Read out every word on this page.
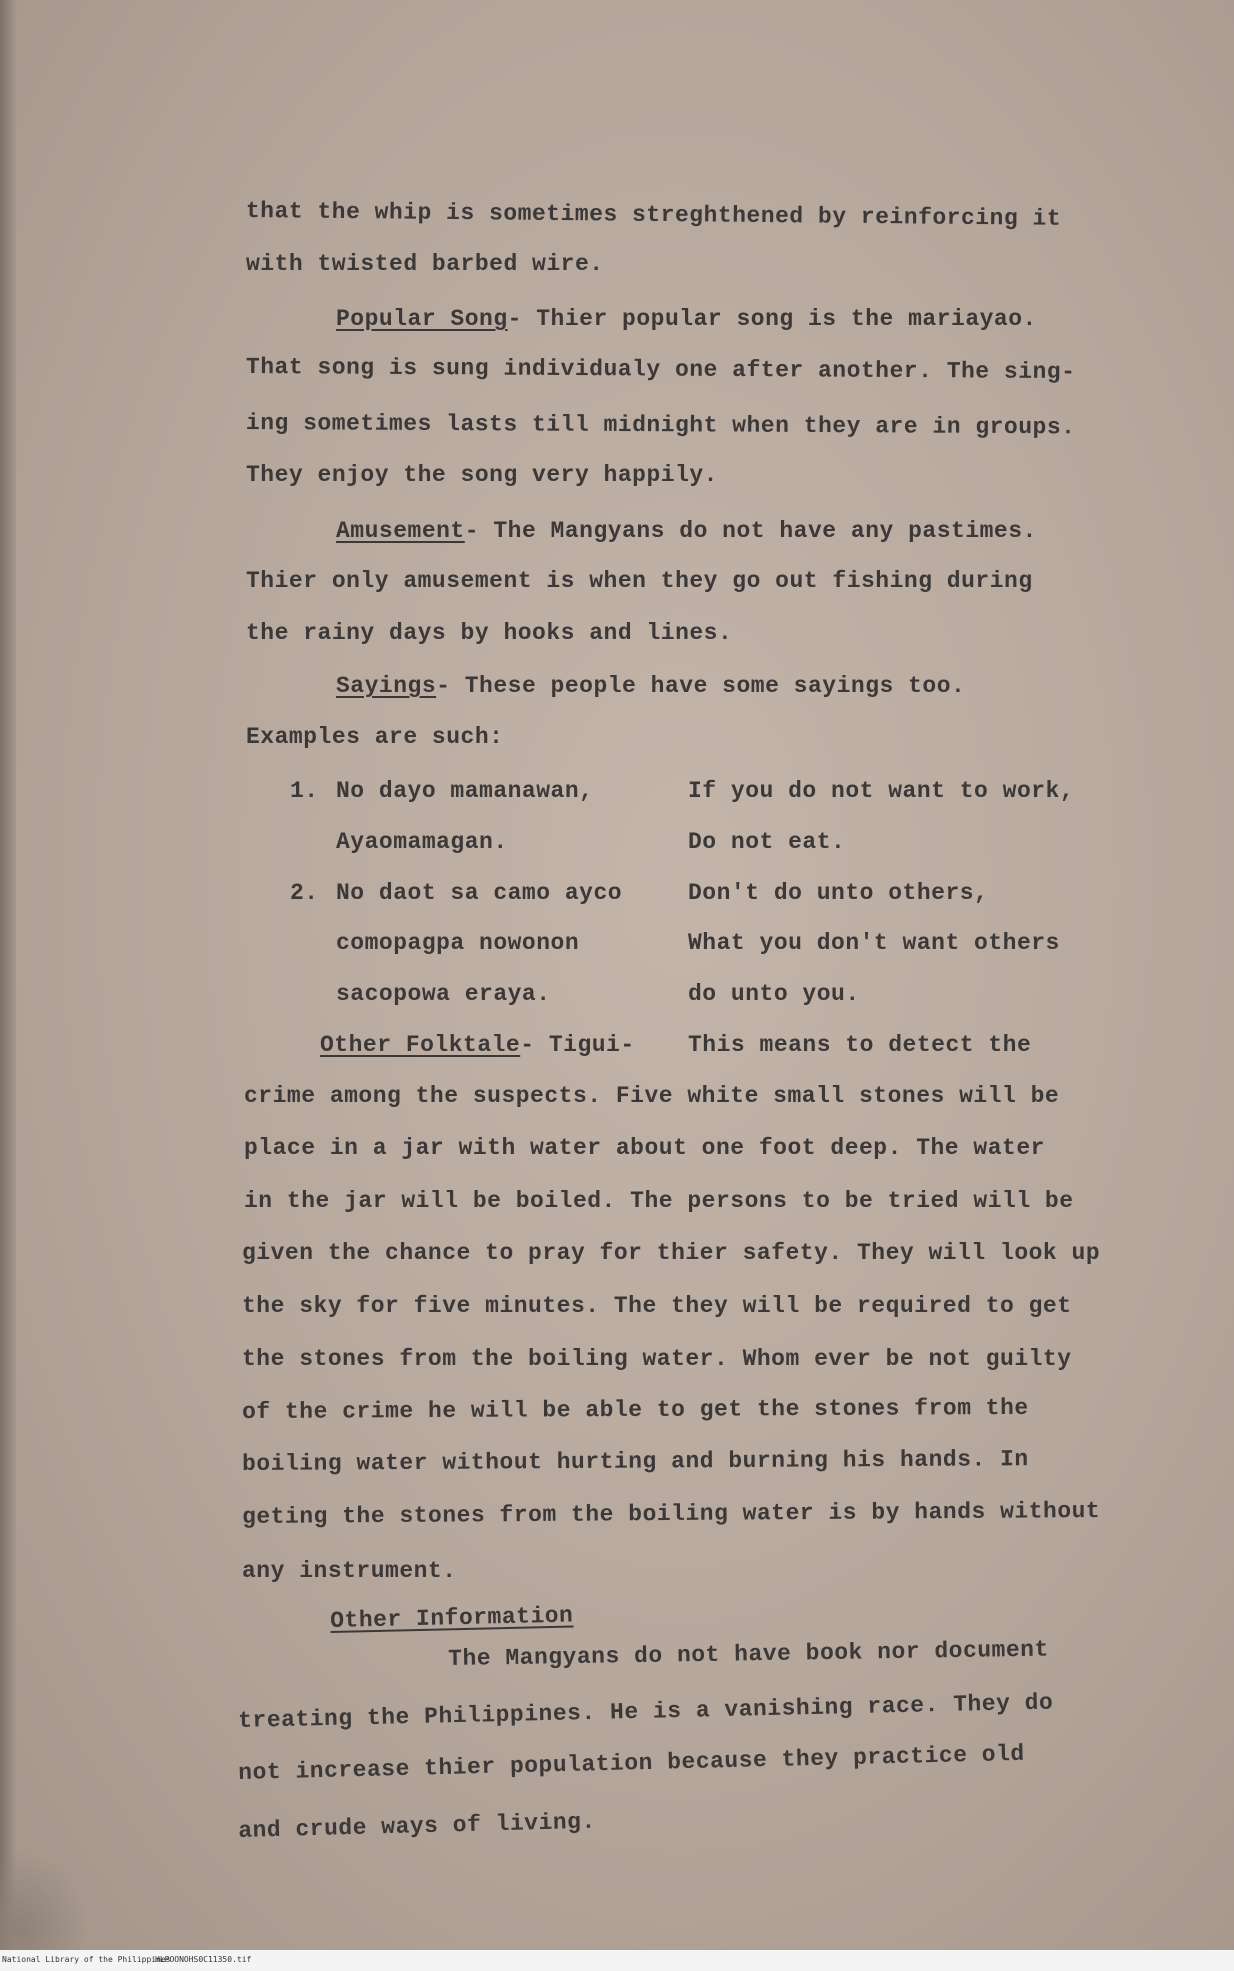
that the whip is sometimes streghthened by reinforcing it

with twisted barbed wire.

Popular Song- Thier popular song is the mariayao.

That song is sung individualy one after another. The sing-

ing sometimes lasts till midnight when they are in groups.

They enjoy the song very happily.

Amusement- The Mangyans do not have any pastimes.

Thier only amusement is when they go out fishing during

the rainy days by hooks and lines.

Sayings- These people have some sayings too.

Examples are such:

1. No dayo mamanawan,	If you do not want to work,

Ayaomamagan.	Do not eat.

2. No daot sa camo ayco	Don't do unto others,

comopagpa nowonon	What you don't want others

sacopowa eraya.	do unto you.

Other Folktale- Tigui- This means to detect the

crime among the suspects. Five white small stones will be

place in a jar with water about one foot deep. The water

in the jar will be boiled. The persons to be tried will be

given the chance to pray for thier safety. They will look up

the sky for five minutes. The they will be required to get

the stones from the boiling water. Whom ever be not guilty

of the crime he will be able to get the stones from the

boiling water without hurting and burning his hands. In

geting the stones from the boiling water is by hands without

any instrument.

Other Information

The Mangyans do not have book nor document

treating the Philippines. He is a vanishing race. They do

not increase thier population because they practice old

and crude ways of living.

National Library of the Philippines
HLPOONOHS0C11350.tif
